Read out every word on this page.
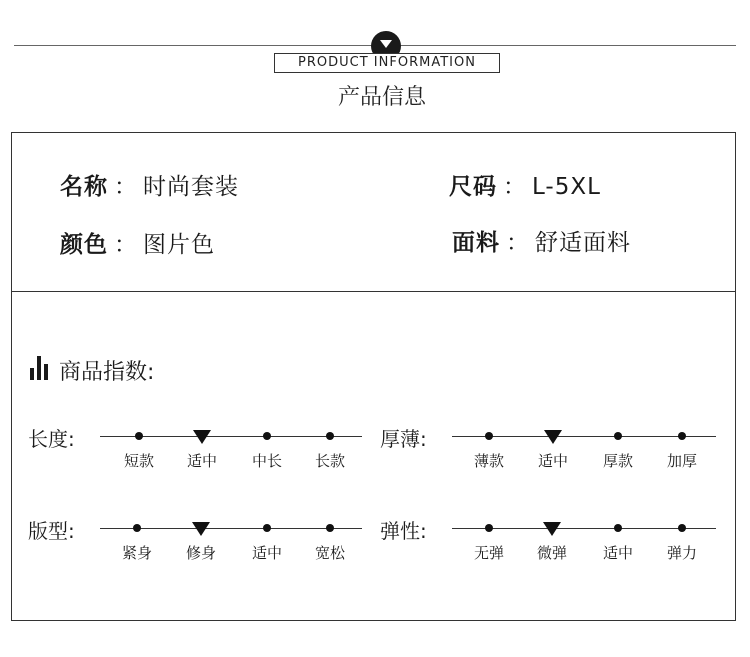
PRODUCT INFORMATION
产品信息
名称 ： 时尚套装	尺码 ： L-5XL
颜色 ： 图片色	面料 ： 舒适面料
商品指数:
长度:
短款	适中	中长	长款
厚薄:
薄款	适中	厚款	加厚
版型:
紧身	修身	适中	宽松
弹性:
无弹	微弹	适中	弹力
